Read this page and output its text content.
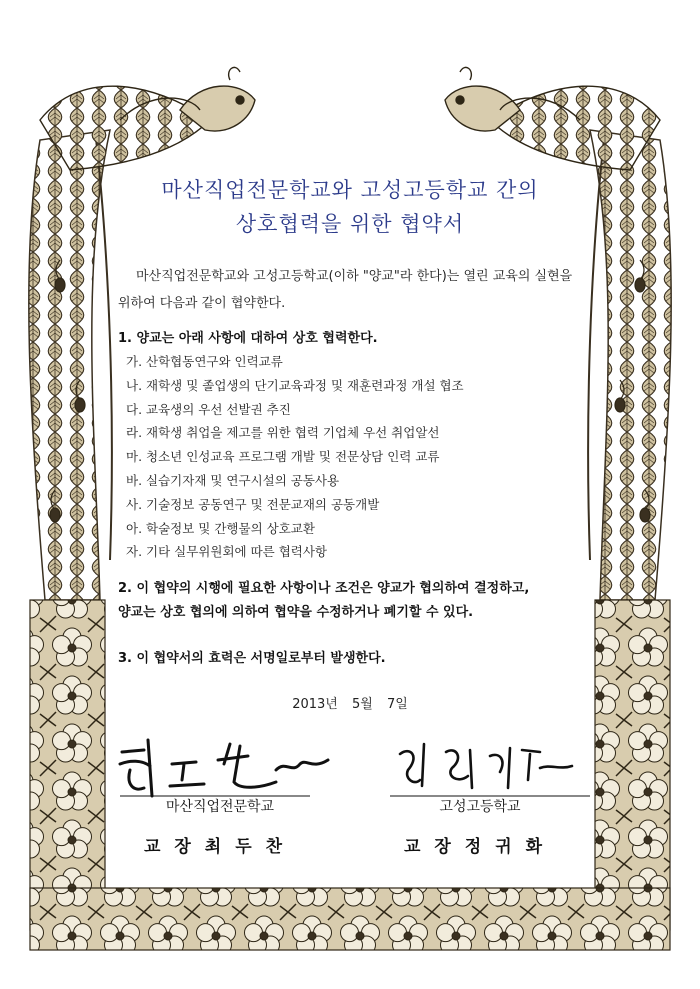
마산직업전문학교와 고성고등학교 간의
상호협력을 위한 협약서
마산직업전문학교와 고성고등학교(이하 "양교"라 한다)는 열린 교육의 실현을 위하여 다음과 같이 협약한다.
1. 양교는 아래 사항에 대하여 상호 협력한다.
가. 산학협동연구와 인력교류
나. 재학생 및 졸업생의 단기교육과정 및 재훈련과정 개설 협조
다. 교육생의 우선 선발권 추진
라. 재학생 취업을 제고를 위한 협력 기업체 우선 취업알선
마. 청소년 인성교육 프로그램 개발 및 전문상담 인력 교류
바. 실습기자재 및 연구시설의 공동사용
사. 기술정보 공동연구 및 전문교재의 공동개발
아. 학술정보 및 간행물의 상호교환
자. 기타 실무위원회에 따른 협력사항
2. 이 협약의 시행에 필요한 사항이나 조건은 양교가 협의하여 결정하고,
양교는 상호 협의에 의하여 협약을 수정하거나 폐기할 수 있다.
3. 이 협약서의 효력은 서명일로부터 발생한다.
2013년 5월 7일
마산직업전문학교
교장최두찬
고성고등학교
교장정귀화
